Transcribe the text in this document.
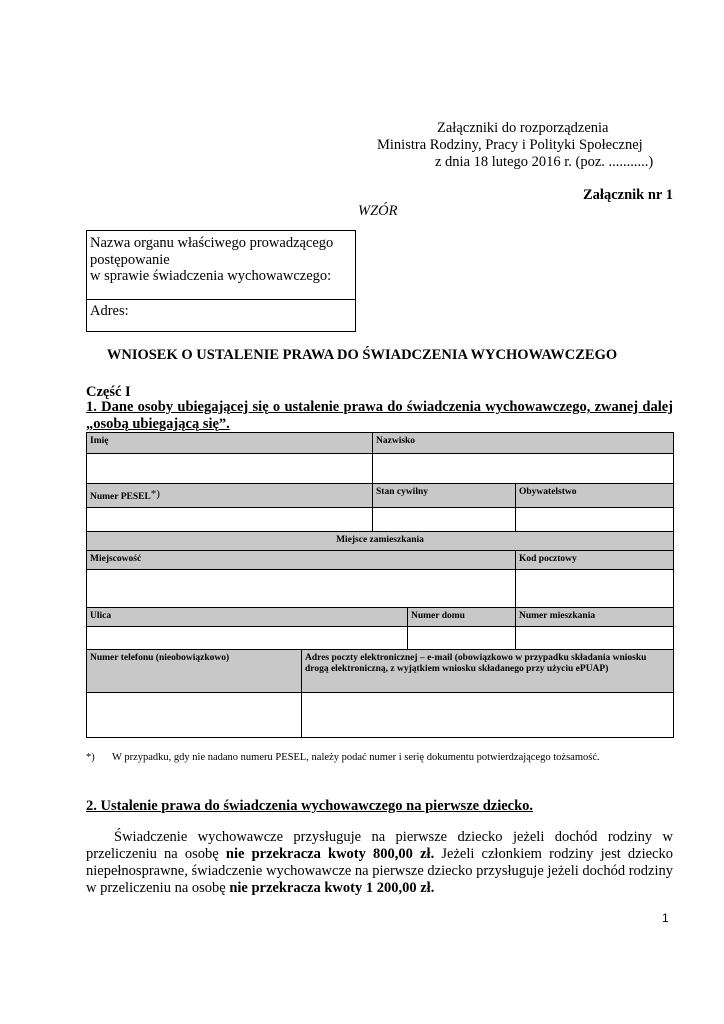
Załączniki do rozporządzenia
Ministra Rodziny, Pracy i Polityki Społecznej
z dnia 18 lutego 2016 r. (poz. ...........)
Załącznik nr 1
WZÓR
Nazwa organu właściwego prowadzącego
postępowanie
w sprawie świadczenia wychowawczego:
Adres:
WNIOSEK O USTALENIE PRAWA DO ŚWIADCZENIA WYCHOWAWCZEGO
Część I
1. Dane osoby ubiegającej się o ustalenie prawa do świadczenia wychowawczego, zwanej dalej „osobą ubiegającą się”.
Imię	Nazwisko
Numer PESEL*)	Stan cywilny	Obywatelstwo
Miejsce zamieszkania
Miejscowość	Kod pocztowy
Ulica	Numer domu	Numer mieszkania
Numer telefonu (nieobowiązkowo)	Adres poczty elektronicznej – e-mail (obowiązkowo w przypadku składania wniosku drogą elektroniczną, z wyjątkiem wniosku składanego przy użyciu ePUAP)
*) W przypadku, gdy nie nadano numeru PESEL, należy podać numer i serię dokumentu potwierdzającego tożsamość.
2. Ustalenie prawa do świadczenia wychowawczego na pierwsze dziecko.
Świadczenie wychowawcze przysługuje na pierwsze dziecko jeżeli dochód rodziny w przeliczeniu na osobę nie przekracza kwoty 800,00 zł. Jeżeli członkiem rodziny jest dziecko niepełnosprawne, świadczenie wychowawcze na pierwsze dziecko przysługuje jeżeli dochód rodziny w przeliczeniu na osobę nie przekracza kwoty 1 200,00 zł.
1
